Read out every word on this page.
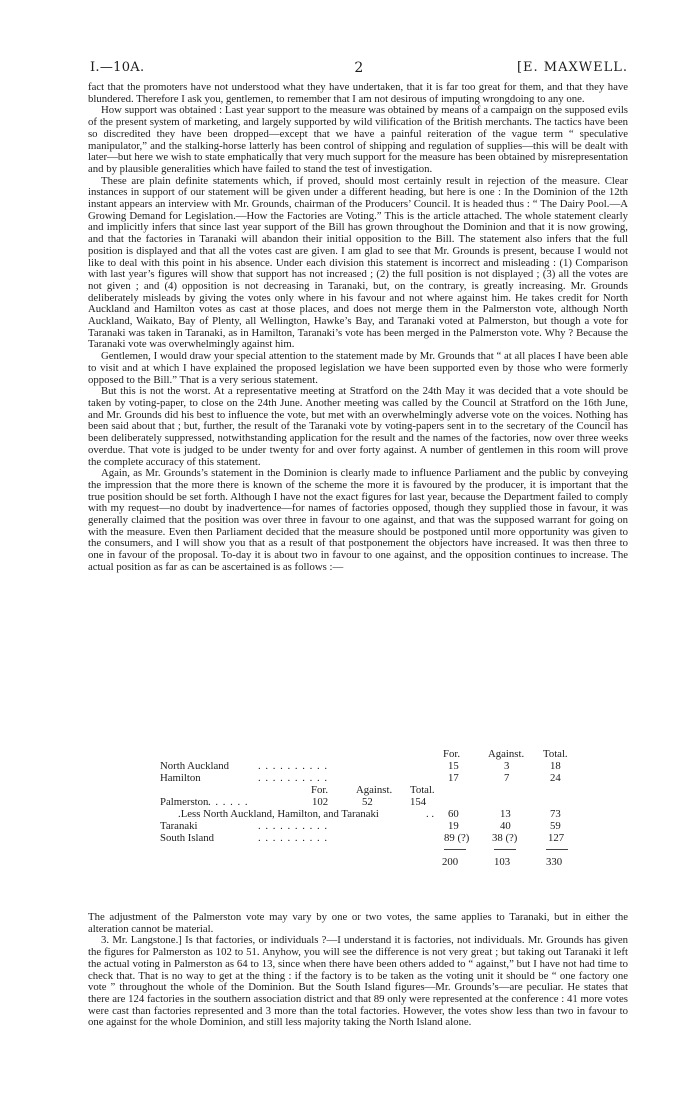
I.—10A.	2	[E. MAXWELL.

fact that the promoters have not understood what they have undertaken, that it is far too great for them, and that they have blundered. Therefore I ask you, gentlemen, to remember that I am not desirous of imputing wrongdoing to any one.

How support was obtained : Last year support to the measure was obtained by means of a campaign on the supposed evils of the present system of marketing, and largely supported by wild vilification of the British merchants. The tactics have been so discredited they have been dropped—except that we have a painful reiteration of the vague term “ speculative manipulator,” and the stalking-horse latterly has been control of shipping and regulation of supplies—this will be dealt with later—but here we wish to state emphatically that very much support for the measure has been obtained by misrepresentation and by plausible generalities which have failed to stand the test of investigation.

These are plain definite statements which, if proved, should most certainly result in rejection of the measure. Clear instances in support of our statement will be given under a different heading, but here is one : In the Dominion of the 12th instant appears an interview with Mr. Grounds, chairman of the Producers’ Council. It is headed thus : “ The Dairy Pool.—A Growing Demand for Legislation.—How the Factories are Voting.” This is the article attached. The whole statement clearly and implicitly infers that since last year support of the Bill has grown throughout the Dominion and that it is now growing, and that the factories in Taranaki will abandon their initial opposition to the Bill. The statement also infers that the full position is displayed and that all the votes cast are given. I am glad to see that Mr. Grounds is present, because I would not like to deal with this point in his absence. Under each division this statement is incorrect and misleading : (1) Comparison with last year’s figures will show that support has not increased ; (2) the full position is not displayed ; (3) all the votes are not given ; and (4) opposition is not decreasing in Taranaki, but, on the contrary, is greatly increasing. Mr. Grounds deliberately misleads by giving the votes only where in his favour and not where against him. He takes credit for North Auckland and Hamilton votes as cast at those places, and does not merge them in the Palmerston vote, although North Auckland, Waikato, Bay of Plenty, all Wellington, Hawke’s Bay, and Taranaki voted at Palmerston, but though a vote for Taranaki was taken in Taranaki, as in Hamilton, Taranaki’s vote has been merged in the Palmerston vote. Why ? Because the Taranaki vote was overwhelmingly against him.

Gentlemen, I would draw your special attention to the statement made by Mr. Grounds that “ at all places I have been able to visit and at which I have explained the proposed legislation we have been supported even by those who were formerly opposed to the Bill.” That is a very serious statement.

But this is not the worst. At a representative meeting at Stratford on the 24th May it was decided that a vote should be taken by voting-paper, to close on the 24th June. Another meeting was called by the Council at Stratford on the 16th June, and Mr. Grounds did his best to influence the vote, but met with an overwhelmingly adverse vote on the voices. Nothing has been said about that ; but, further, the result of the Taranaki vote by voting-papers sent in to the secretary of the Council has been deliberately suppressed, notwithstanding application for the result and the names of the factories, now over three weeks overdue. That vote is judged to be under twenty for and over forty against. A number of gentlemen in this room will prove the complete accuracy of this statement.

Again, as Mr. Grounds’s statement in the Dominion is clearly made to influence Parliament and the public by conveying the impression that the more there is known of the scheme the more it is favoured by the producer, it is important that the true position should be set forth. Although I have not the exact figures for last year, because the Department failed to comply with my request—no doubt by inadvertence—for names of factories opposed, though they supplied those in favour, it was generally claimed that the position was over three in favour to one against, and that was the supposed warrant for going on with the measure. Even then Parliament decided that the measure should be postponed until more opportunity was given to the consumers, and I will show you that as a result of that postponement the objectors have increased. It was then three to one in favour of the proposal. To-day it is about two in favour to one against, and the opposition continues to increase. The actual position as far as can be ascertained is as follows :—

For.	Against. Total.
North Auckland	. . . . . . . . . .	15	3	18
Hamilton	. . . . . . . . . .	17	7	24
For.	Against. Total.
Palmerston . . . . . .	102	52	154
.Less North Auckland, Hamilton, and Taranaki	. . 60	13	73
Taranaki	. . . . . . . . . .	19	40	59
South Island	. . . . . . . . . .	89 (?) 38 (?)	127
200	103	330

The adjustment of the Palmerston vote may vary by one or two votes, the same applies to Taranaki, but in either the alteration cannot be material.

3. Mr. Langstone.] Is that factories, or individuals ?—I understand it is factories, not individuals. Mr. Grounds has given the figures for Palmerston as 102 to 51. Anyhow, you will see the difference is not very great ; but taking out Taranaki it left the actual voting in Palmerston as 64 to 13, since when there have been others added to “ against,” but I have not had time to check that. That is no way to get at the thing : if the factory is to be taken as the voting unit it should be “ one factory one vote ” throughout the whole of the Dominion. But the South Island figures—Mr. Grounds’s—are peculiar. He states that there are 124 factories in the southern association district and that 89 only were represented at the conference : 41 more votes were cast than factories represented and 3 more than the total factories. However, the votes show less than two in favour to one against for the whole Dominion, and still less majority taking the North Island alone.
